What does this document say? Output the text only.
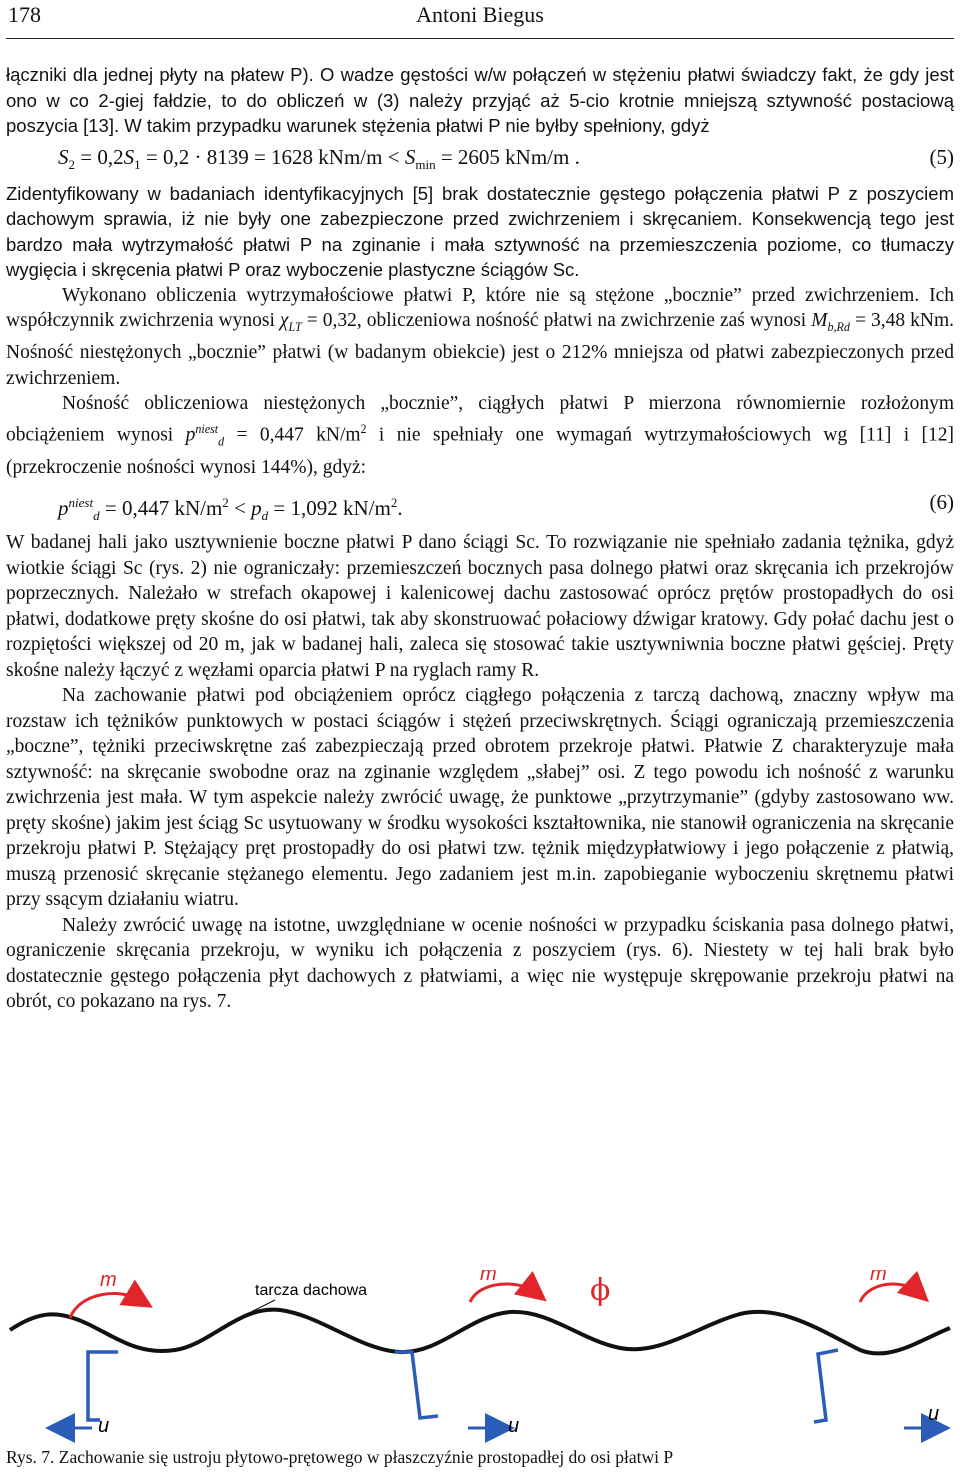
178	Antoni Biegus

łączniki dla jednej płyty na płatew P). O wadze gęstości w/w połączeń w stężeniu płatwi świadczy fakt, że gdy jest ono w co 2-giej fałdzie, to do obliczeń w (3) należy przyjąć aż 5-cio krotnie mniejszą sztywność postaciową poszycia [13]. W takim przypadku warunek stężenia płatwi P nie byłby spełniony, gdyż

$S_2 = 0,2S_1 = 0,2 \cdot 8139 = 1628$ $kNm/m < S_{min} = 2605$ kNm/m .	(5)

Zidentyfikowany w badaniach identyfikacyjnych [5] brak dostatecznie gęstego połączenia płatwi P z poszyciem dachowym sprawia, iż nie były one zabezpieczone przed zwichrzeniem i skręcaniem. Konsekwencją tego jest bardzo mała wytrzymałość płatwi P na zginanie i mała sztywność na przemieszczenia poziome, co tłumaczy wygięcia i skręcenia płatwi P oraz wyboczenie plastyczne ściągów Sc.

Wykonano obliczenia wytrzymałościowe płatwi P, które nie są stężone „bocznie” przed zwichrzeniem. Ich współczynnik zwichrzenia wynosi $\chi_{LT} = 0,32$, obliczeniowa nośność płatwi na zwichrzenie zaś wynosi $M_{b,Rd} = 3,48$ kNm. Nośność niestężonych „bocznie” płatwi (w badanym obiekcie) jest o 212% mniejsza od płatwi zabezpieczonych przed zwichrzeniem.

Nośność obliczeniowa niestężonych „bocznie”, ciągłych płatwi P mierzona równomiernie rozłożonym obciążeniem wynosi $p^{niest}_d = 0,447$ $kN/m^2$ i nie spełniały one wymagań wytrzymałościowych wg [11] i [12] (przekroczenie nośności wynosi 144%), gdyż:

$p^{niest}_d = 0,447$ $kN/m^2 < p_d = 1,092$ $kN/m^2$.	(6)

W badanej hali jako usztywnienie boczne płatwi P dano ściągi Sc. To rozwiązanie nie spełniało zadania tężnika, gdyż wiotkie ściągi Sc (rys. 2) nie ograniczały: przemieszczeń bocznych pasa dolnego płatwi oraz skręcania ich przekrojów poprzecznych. Należało w strefach okapowej i kalenicowej dachu zastosować oprócz prętów prostopadłych do osi płatwi, dodatkowe pręty skośne do osi płatwi, tak aby skonstruować połaciowy dźwigar kratowy. Gdy połać dachu jest o rozpiętości większej od 20 m, jak w badanej hali, zaleca się stosować takie usztywniwnia boczne płatwi gęściej. Pręty skośne należy łączyć z węzłami oparcia płatwi P na ryglach ramy R.

Na zachowanie płatwi pod obciążeniem oprócz ciągłego połączenia z tarczą dachową, znaczny wpływ ma rozstaw ich tężników punktowych w postaci ściągów i stężeń przeciwskrętnych. Ściągi ograniczają przemieszczenia „boczne”, tężniki przeciwskrętne zaś zabezpieczają przed obrotem przekroje płatwi. Płatwie Z charakteryzuje mała sztywność: na skręcanie swobodne oraz na zginanie względem „słabej” osi. Z tego powodu ich nośność z warunku zwichrzenia jest mała. W tym aspekcie należy zwrócić uwagę, że punktowe „przytrzymanie” (gdyby zastosowano ww. pręty skośne) jakim jest ściąg Sc usytuowany w środku wysokości kształtownika, nie stanowił ograniczenia na skręcanie przekroju płatwi P. Stężający pręt prostopadły do osi płatwi tzw. tężnik międzypłatwiowy i jego połączenie z płatwią, muszą przenosić skręcanie stężanego elementu. Jego zadaniem jest m.in. zapobieganie wyboczeniu skrętnemu płatwi przy ssącym działaniu wiatru.

Należy zwrócić uwagę na istotne, uwzględniane w ocenie nośności w przypadku ściskania pasa dolnego płatwi, ograniczenie skręcania przekroju, w wyniku ich połączenia z poszyciem (rys. 6). Niestety w tej hali brak było dostatecznie gęstego połączenia płyt dachowych z płatwiami, a więc nie występuje skrępowanie przekroju płatwi na obrót, co pokazano na rys. 7.

tarcza dachowa
m	m	m
ϕ
u	u
u
Rys. 7. Zachowanie się ustroju płytowo-prętowego w płaszczyźnie prostopadłej do osi płatwi P
